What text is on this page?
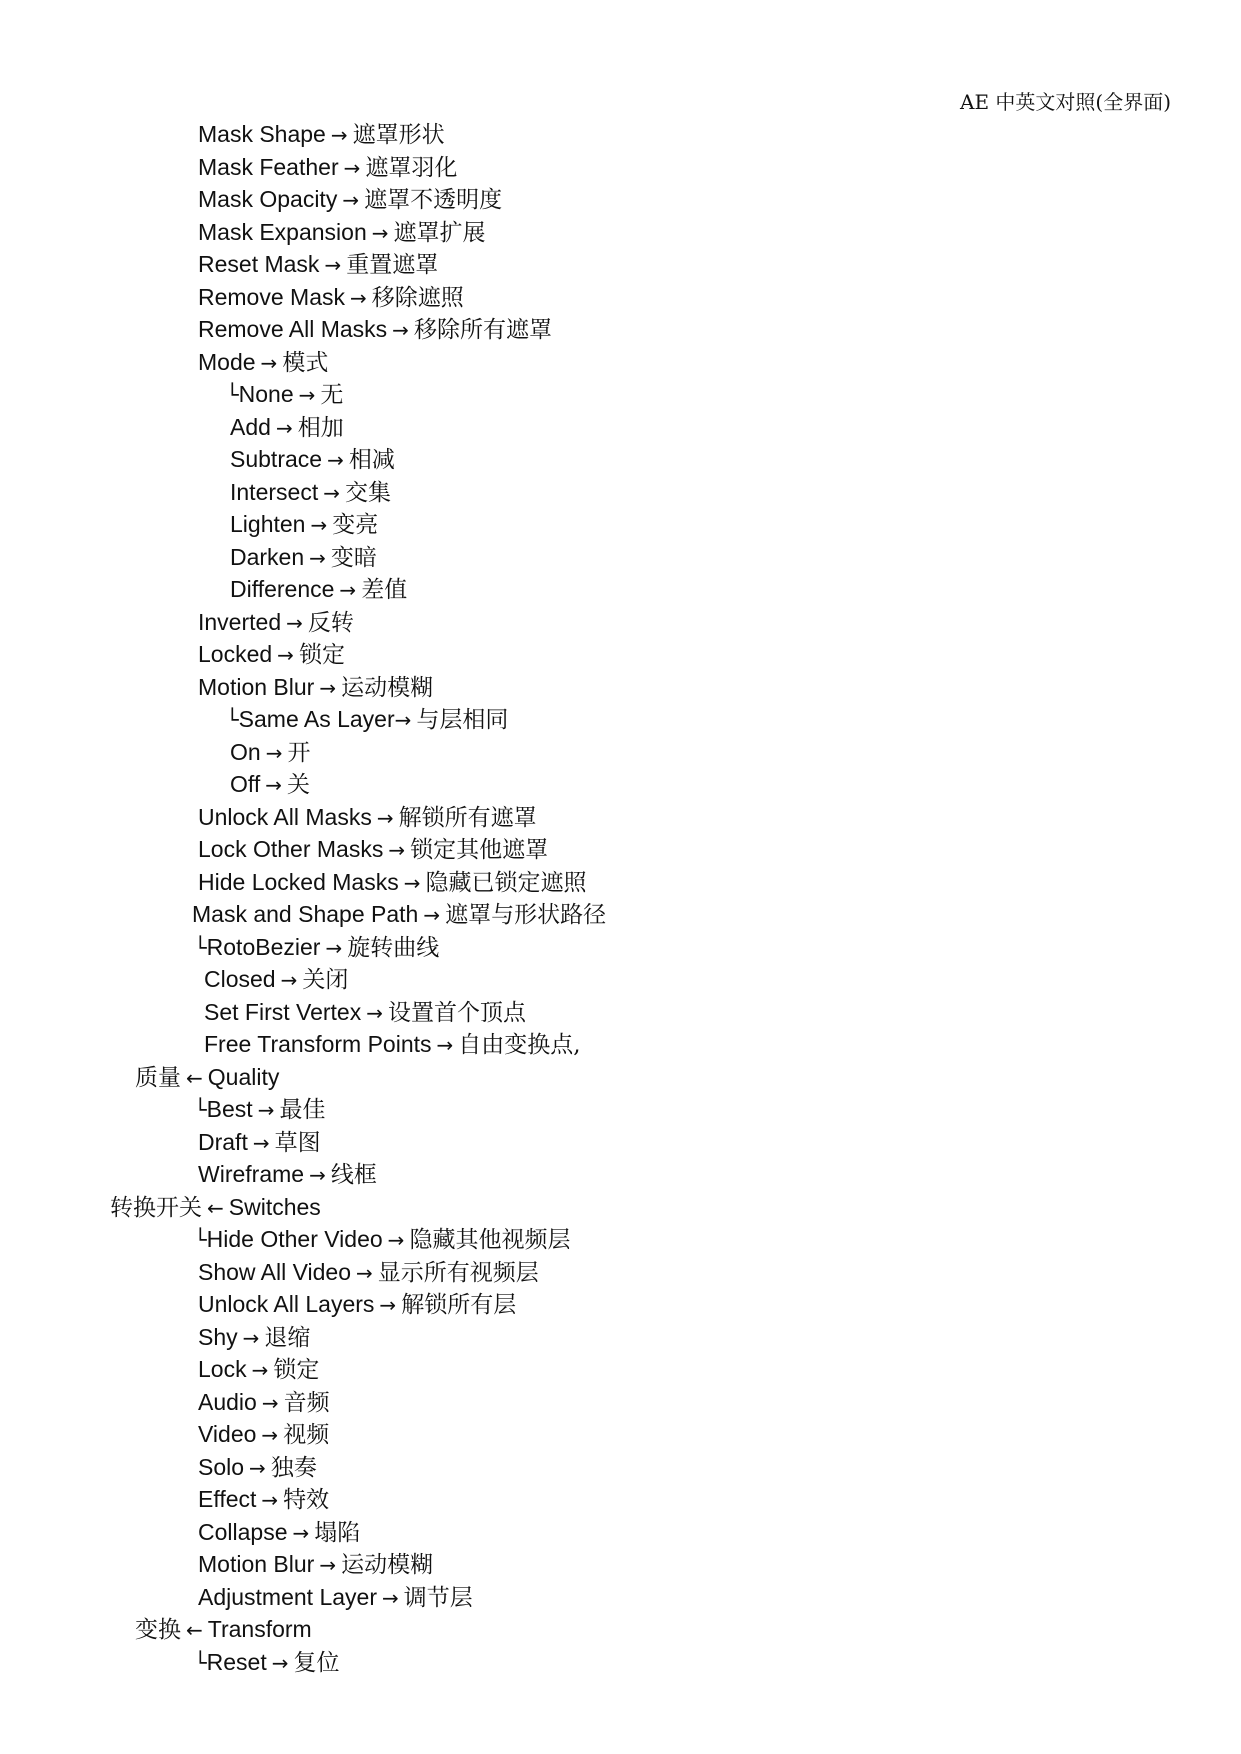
AE 中英文对照(全界面)
Mask Shape → 遮罩形状
Mask Feather → 遮罩羽化
Mask Opacity → 遮罩不透明度
Mask Expansion → 遮罩扩展
Reset Mask → 重置遮罩
Remove Mask → 移除遮照
Remove All Masks → 移除所有遮罩
Mode → 模式
└None → 无
Add → 相加
Subtrace → 相减
Intersect → 交集
Lighten → 变亮
Darken → 变暗
Difference → 差值
Inverted → 反转
Locked → 锁定
Motion Blur → 运动模糊
└Same As Layer→ 与层相同
On → 开
Off → 关
Unlock All Masks → 解锁所有遮罩
Lock Other Masks → 锁定其他遮罩
Hide Locked Masks → 隐藏已锁定遮照
Mask and Shape Path → 遮罩与形状路径
└RotoBezier → 旋转曲线
Closed → 关闭
Set First Vertex → 设置首个顶点
Free Transform Points → 自由变换点,
质量 ← Quality
└Best → 最佳
Draft → 草图
Wireframe → 线框
转换开关 ← Switches
└Hide Other Video → 隐藏其他视频层
Show All Video → 显示所有视频层
Unlock All Layers → 解锁所有层
Shy → 退缩
Lock → 锁定
Audio → 音频
Video → 视频
Solo → 独奏
Effect → 特效
Collapse → 塌陷
Motion Blur → 运动模糊
Adjustment Layer → 调节层
变换 ← Transform
└Reset → 复位
